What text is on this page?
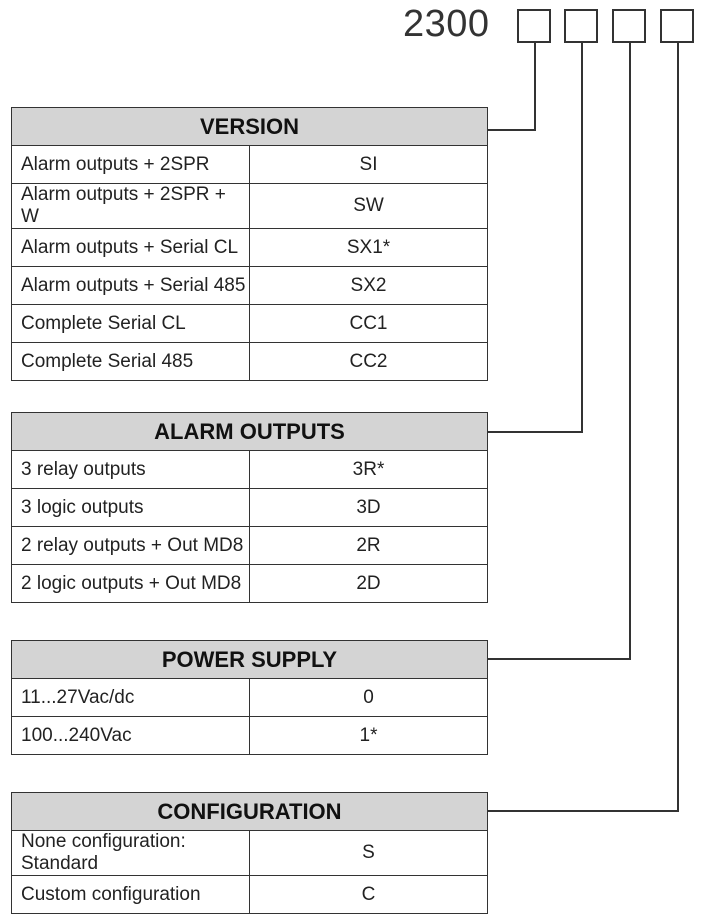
2300
VERSION	
Alarm outputs + 2SPR	SI
Alarm outputs + 2SPR + W	SW
Alarm outputs + Serial CL	SX1*
Alarm outputs + Serial 485	SX2
Complete Serial CL	CC1
Complete Serial 485	CC2
ALARM OUTPUTS	
3 relay outputs	3R*
3 logic outputs	3D
2 relay outputs + Out MD8	2R
2 logic outputs + Out MD8	2D
POWER SUPPLY	
11...27Vac/dc	0
100...240Vac	1*
CONFIGURATION	
None configuration: Standard	S
Custom configuration	C
